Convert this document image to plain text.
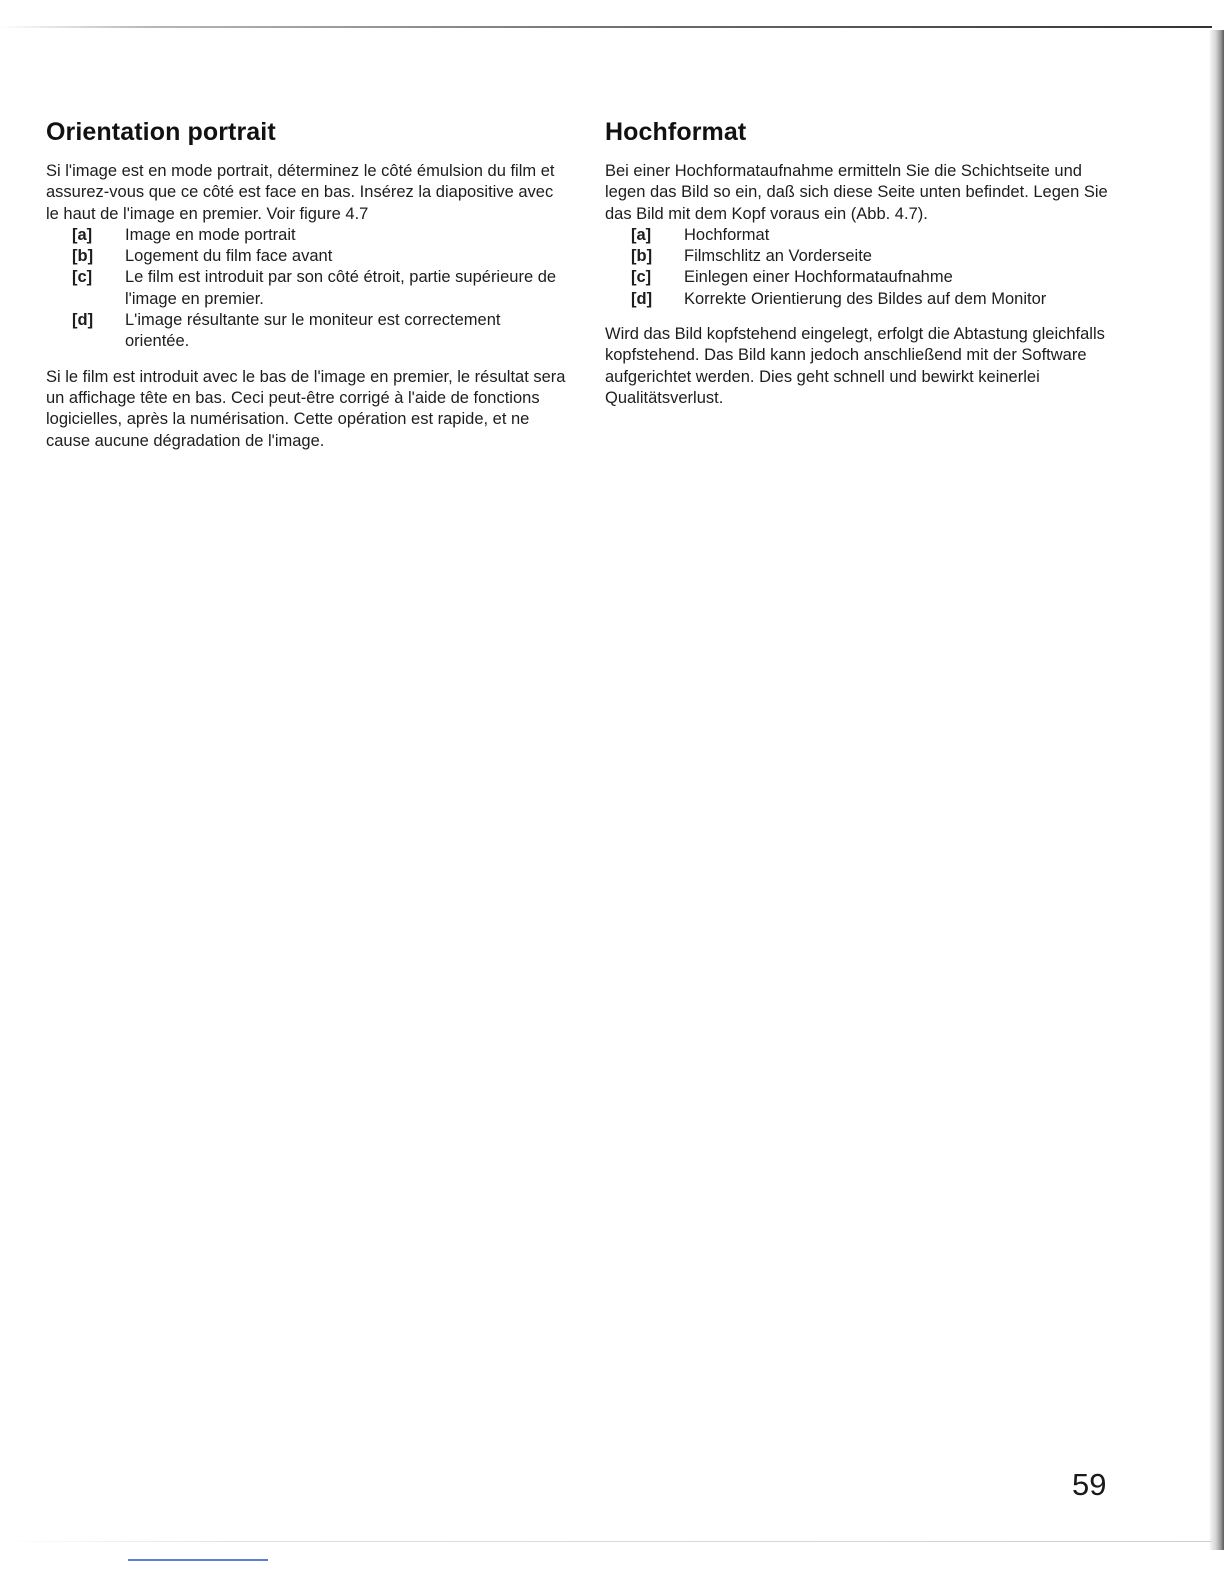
Orientation portrait

Si l'image est en mode portrait, déterminez le côté émulsion du film et assurez-vous que ce côté est face en bas. Insérez la diapositive avec le haut de l'image en premier. Voir figure 4.7

[a] Image en mode portrait
[b] Logement du film face avant
[c] Le film est introduit par son côté étroit, partie supérieure de l'image en premier.
[d] L'image résultante sur le moniteur est correctement orientée.

Si le film est introduit avec le bas de l'image en premier, le résultat sera un affichage tête en bas. Ceci peut-être corrigé à l'aide de fonctions logicielles, après la numérisation. Cette opération est rapide, et ne cause aucune dégradation de l'image.

Hochformat

Bei einer Hochformataufnahme ermitteln Sie die Schichtseite und legen das Bild so ein, daß sich diese Seite unten befindet. Legen Sie das Bild mit dem Kopf voraus ein (Abb. 4.7).

[a] Hochformat
[b] Filmschlitz an Vorderseite
[c] Einlegen einer Hochformataufnahme
[d] Korrekte Orientierung des Bildes auf dem Monitor

Wird das Bild kopfstehend eingelegt, erfolgt die Abtastung gleichfalls kopfstehend. Das Bild kann jedoch anschließend mit der Software aufgerichtet werden. Dies geht schnell und bewirkt keinerlei Qualitätsverlust.

59
